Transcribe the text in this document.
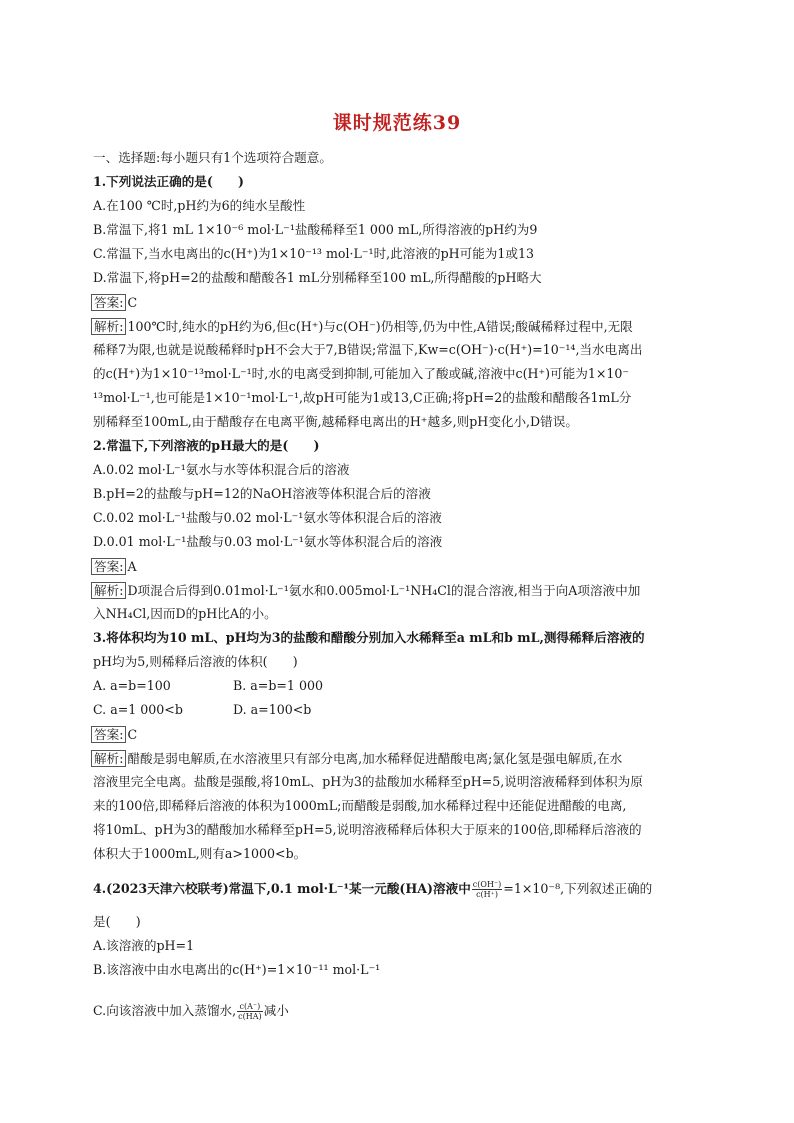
课时规范练39
一、选择题:每小题只有1个选项符合题意。
1.下列说法正确的是(　　)
A.在100 ℃时,pH约为6的纯水呈酸性
B.常温下,将1 mL 1×10⁻⁶ mol·L⁻¹盐酸稀释至1 000 mL,所得溶液的pH约为9
C.常温下,当水电离出的c(H⁺)为1×10⁻¹³ mol·L⁻¹时,此溶液的pH可能为1或13
D.常温下,将pH=2的盐酸和醋酸各1 mL分别稀释至100 mL,所得醋酸的pH略大
答案: C
解析: 100℃时,纯水的pH约为6,但c(H⁺)与c(OH⁻)仍相等,仍为中性,A错误;酸碱稀释过程中,无限
稀释7为限,也就是说酸稀释时pH不会大于7,B错误;常温下,Kw=c(OH⁻)·c(H⁺)=10⁻¹⁴,当水电离出
的c(H⁺)为1×10⁻¹³mol·L⁻¹时,水的电离受到抑制,可能加入了酸或碱,溶液中c(H⁺)可能为1×10⁻
¹³mol·L⁻¹,也可能是1×10⁻¹mol·L⁻¹,故pH可能为1或13,C正确;将pH=2的盐酸和醋酸各1mL分
别稀释至100mL,由于醋酸存在电离平衡,越稀释电离出的H⁺越多,则pH变化小,D错误。
2.常温下,下列溶液的pH最大的是(　　)
A.0.02 mol·L⁻¹氨水与水等体积混合后的溶液
B.pH=2的盐酸与pH=12的NaOH溶液等体积混合后的溶液
C.0.02 mol·L⁻¹盐酸与0.02 mol·L⁻¹氨水等体积混合后的溶液
D.0.01 mol·L⁻¹盐酸与0.03 mol·L⁻¹氨水等体积混合后的溶液
答案: A
解析: D项混合后得到0.01mol·L⁻¹氨水和0.005mol·L⁻¹NH₄Cl的混合溶液,相当于向A项溶液中加
入NH₄Cl,因而D的pH比A的小。
3.将体积均为10 mL、pH均为3的盐酸和醋酸分别加入水稀释至a mL和b mL,测得稀释后溶液的
pH均为5,则稀释后溶液的体积(　　)
A. a=b=100	B. a=b=1 000
C. a=1 000<b	D. a=100<b
答案: C
解析: 醋酸是弱电解质,在水溶液里只有部分电离,加水稀释促进醋酸电离;氯化氢是强电解质,在水
溶液里完全电离。盐酸是强酸,将10mL、pH为3的盐酸加水稀释至pH=5,说明溶液稀释到体积为原
来的100倍,即稀释后溶液的体积为1000mL;而醋酸是弱酸,加水稀释过程中还能促进醋酸的电离,
将10mL、pH为3的醋酸加水稀释至pH=5,说明溶液稀释后体积大于原来的100倍,即稀释后溶液的
体积大于1000mL,则有a>1000<b。
4.(2023天津六校联考)常温下,0.1 mol·L⁻¹某一元酸(HA)溶液中 $\frac{c(OH^-)}{c(H^+)} =1\times 10^{-8}$,下列叙述正确的
是(　　)
A.该溶液的pH=1
B.该溶液中由水电离出的c(H⁺)=1×10⁻¹¹ mol·L⁻¹
C.向该溶液中加入蒸馏水, $\frac{c(A^-)}{c(HA)}$ 减小
